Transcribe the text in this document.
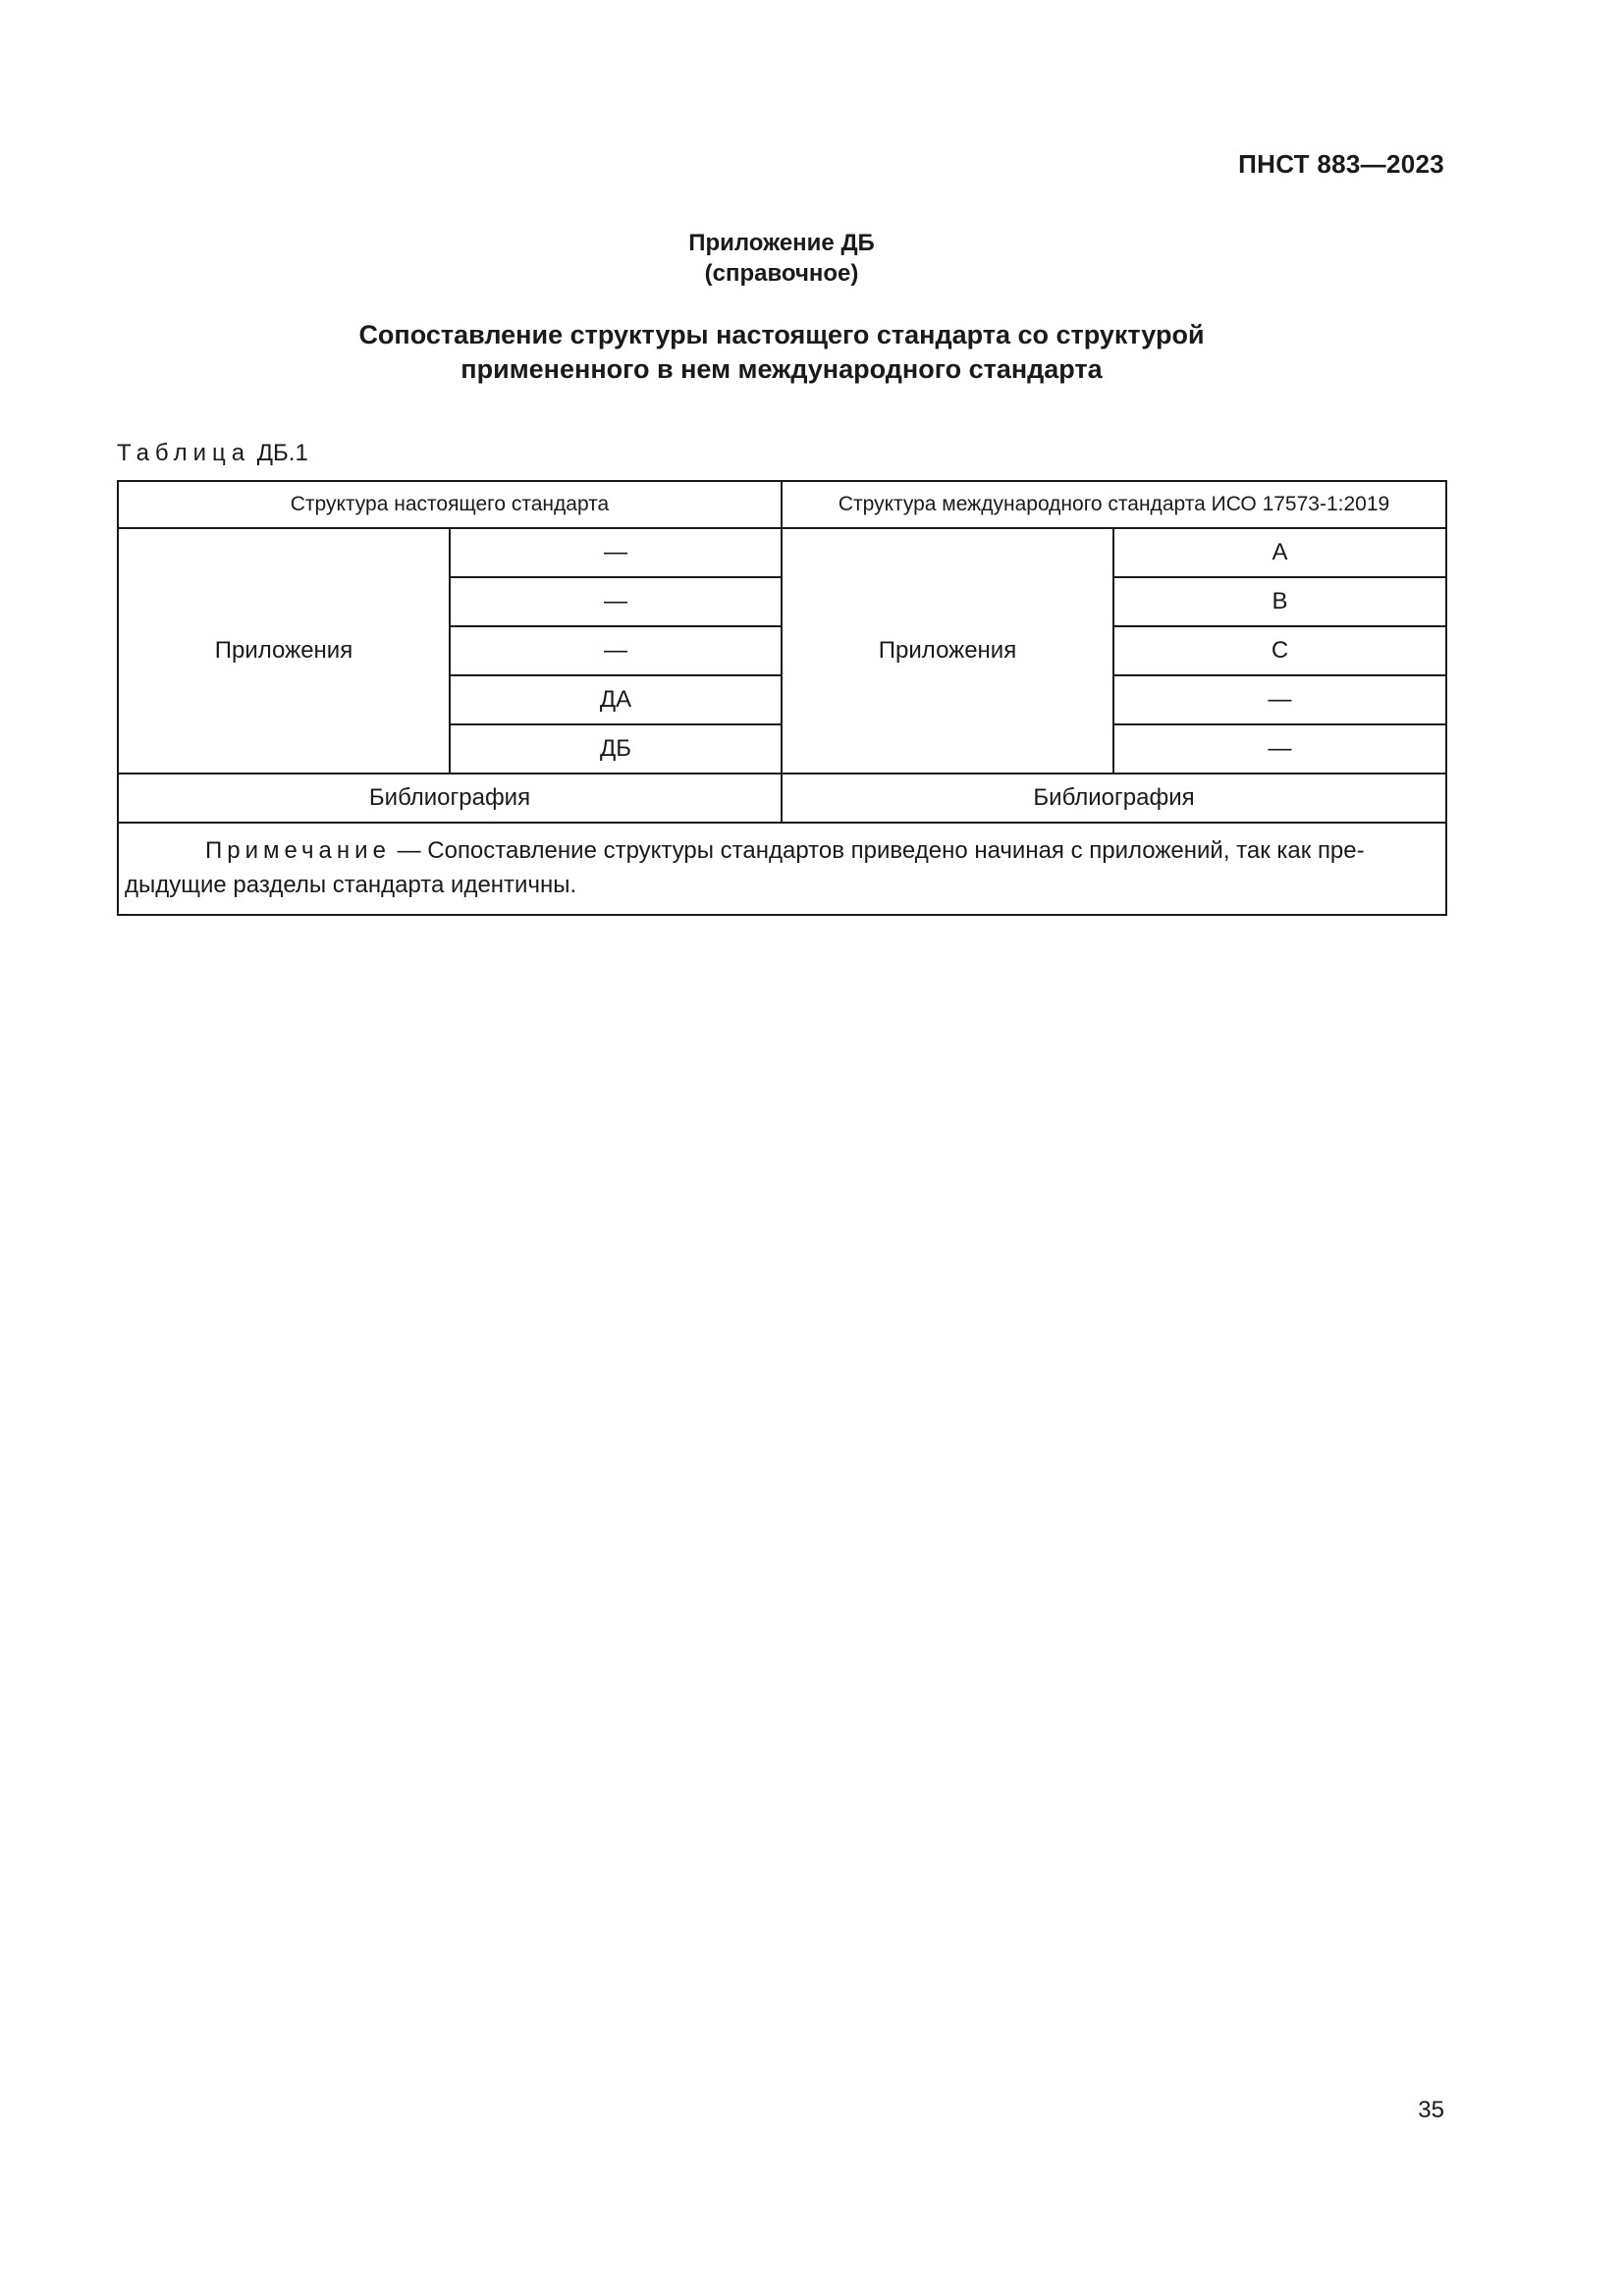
ПНСТ 883—2023
Приложение ДБ
(справочное)
Сопоставление структуры настоящего стандарта со структурой
примененного в нем международного стандарта
Таблица ДБ.1
Структура настоящего стандарта		Структура международного стандарта ИСО 17573-1:2019	
Приложения	—	Приложения	A
	—		B
	—		C
	ДА		—
	ДБ		—
Библиография		Библиография	
Примечание — Сопоставление структуры стандартов приведено начиная с приложений, так как пре-дыдущие разделы стандарта идентичны.			
35
